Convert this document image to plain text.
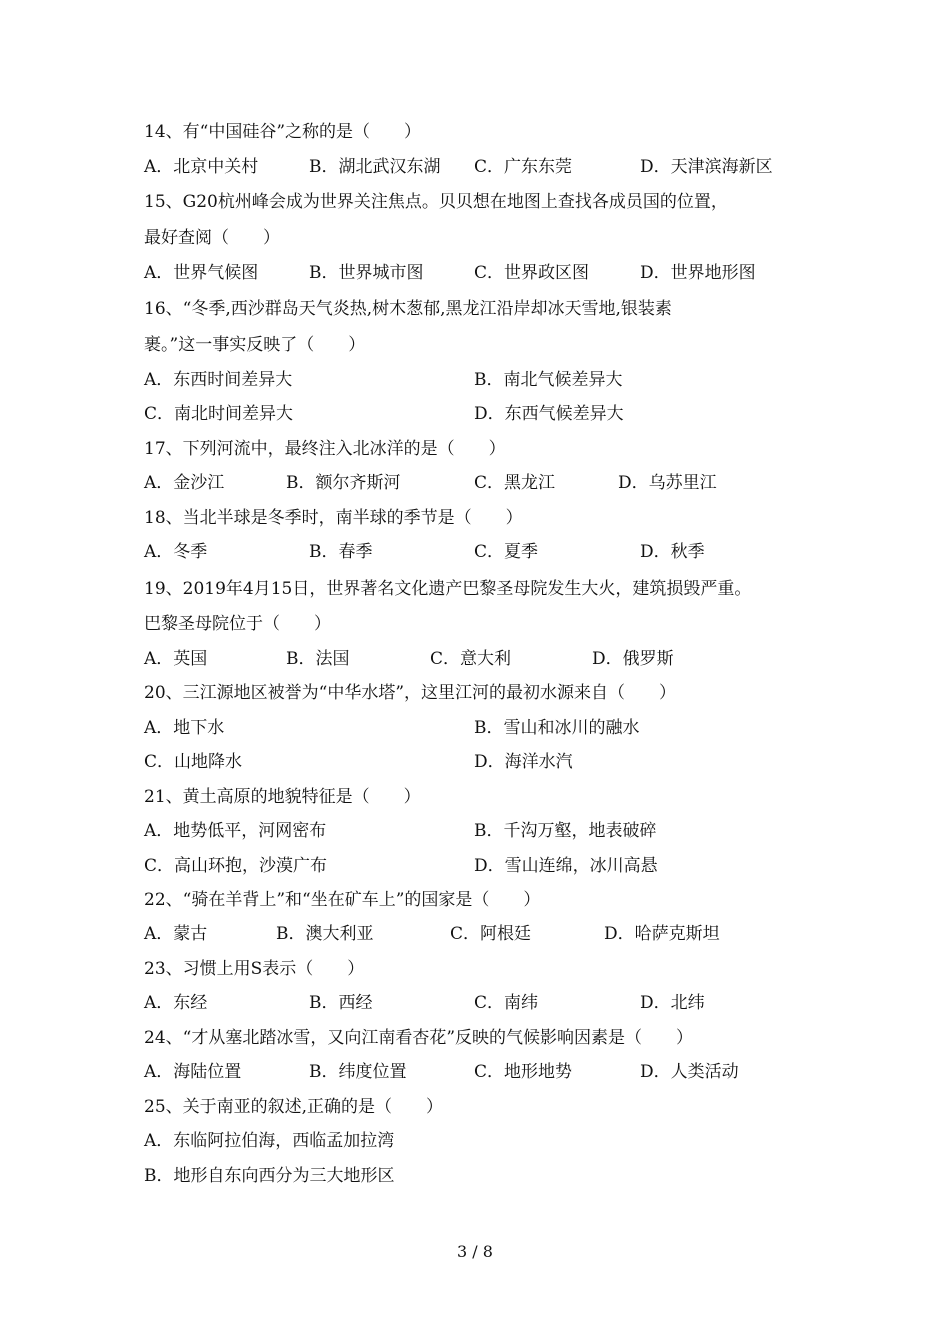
14、有“中国硅谷”之称的是（　　）
A．北京中关村	B．湖北武汉东湖 C．广东东莞	D．天津滨海新区
15、G20杭州峰会成为世界关注焦点。贝贝想在地图上查找各成员国的位置，
最好查阅（　　）
A．世界气候图	B．世界城市图	C．世界政区图	D．世界地形图
16、“冬季,西沙群岛天气炎热,树木葱郁,黑龙江沿岸却冰天雪地,银装素
裹。”这一事实反映了（　　）
A．东西时间差异大	B．南北气候差异大
C．南北时间差异大	D．东西气候差异大
17、下列河流中，最终注入北冰洋的是（　　）
A．金沙江	B．额尔齐斯河	C．黑龙江	D．乌苏里江
18、当北半球是冬季时，南半球的季节是（　　）
A．冬季	B．春季	C．夏季	D．秋季
19、2019年4月15日，世界著名文化遗产巴黎圣母院发生大火，建筑损毁严重。
巴黎圣母院位于（　　）
A．英国	B．法国	C．意大利	D．俄罗斯
20、三江源地区被誉为“中华水塔”，这里江河的最初水源来自（　　）
A．地下水	B．雪山和冰川的融水
C．山地降水	D．海洋水汽
21、黄土高原的地貌特征是（　　）
A．地势低平，河网密布	B．千沟万壑，地表破碎
C．高山环抱，沙漠广布	D．雪山连绵，冰川高悬
22、“骑在羊背上”和“坐在矿车上”的国家是（　　）
A．蒙古	B．澳大利亚	C．阿根廷	D．哈萨克斯坦
23、习惯上用S表示（　　）
A．东经	B．西经	C．南纬	D．北纬
24、“才从塞北踏冰雪，又向江南看杏花”反映的气候影响因素是（　　）
A．海陆位置	B．纬度位置	C．地形地势	D．人类活动
25、关于南亚的叙述,正确的是（　　）
A．东临阿拉伯海，西临孟加拉湾
B．地形自东向西分为三大地形区
3 / 8
